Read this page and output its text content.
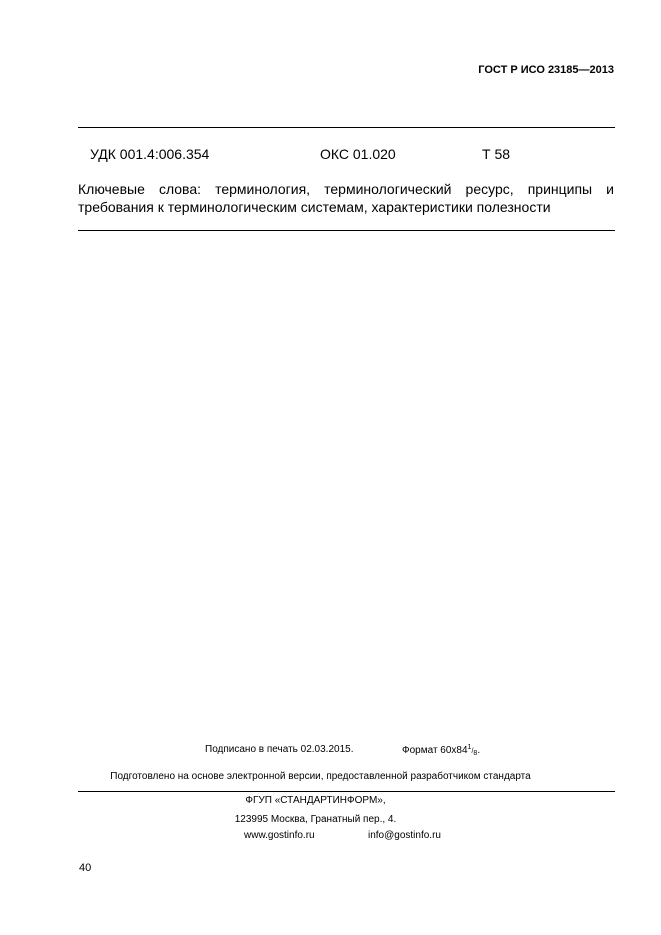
ГОСТ Р ИСО 23185—2013
УДК 001.4:006.354	ОКС 01.020	Т 58
Ключевые слова: терминология, терминологический ресурс, принципы и
требования к терминологическим системам, характеристики полезности
Подписано в печать 02.03.2015.	Формат $60x84^1/_8$.
Подготовлено на основе электронной версии, предоставленной разработчиком стандарта
ФГУП «СТАНДАРТИНФОРМ»,
123995 Москва, Гранатный пер., 4.
www.gostinfo.ru	info@gostinfo.ru
40
